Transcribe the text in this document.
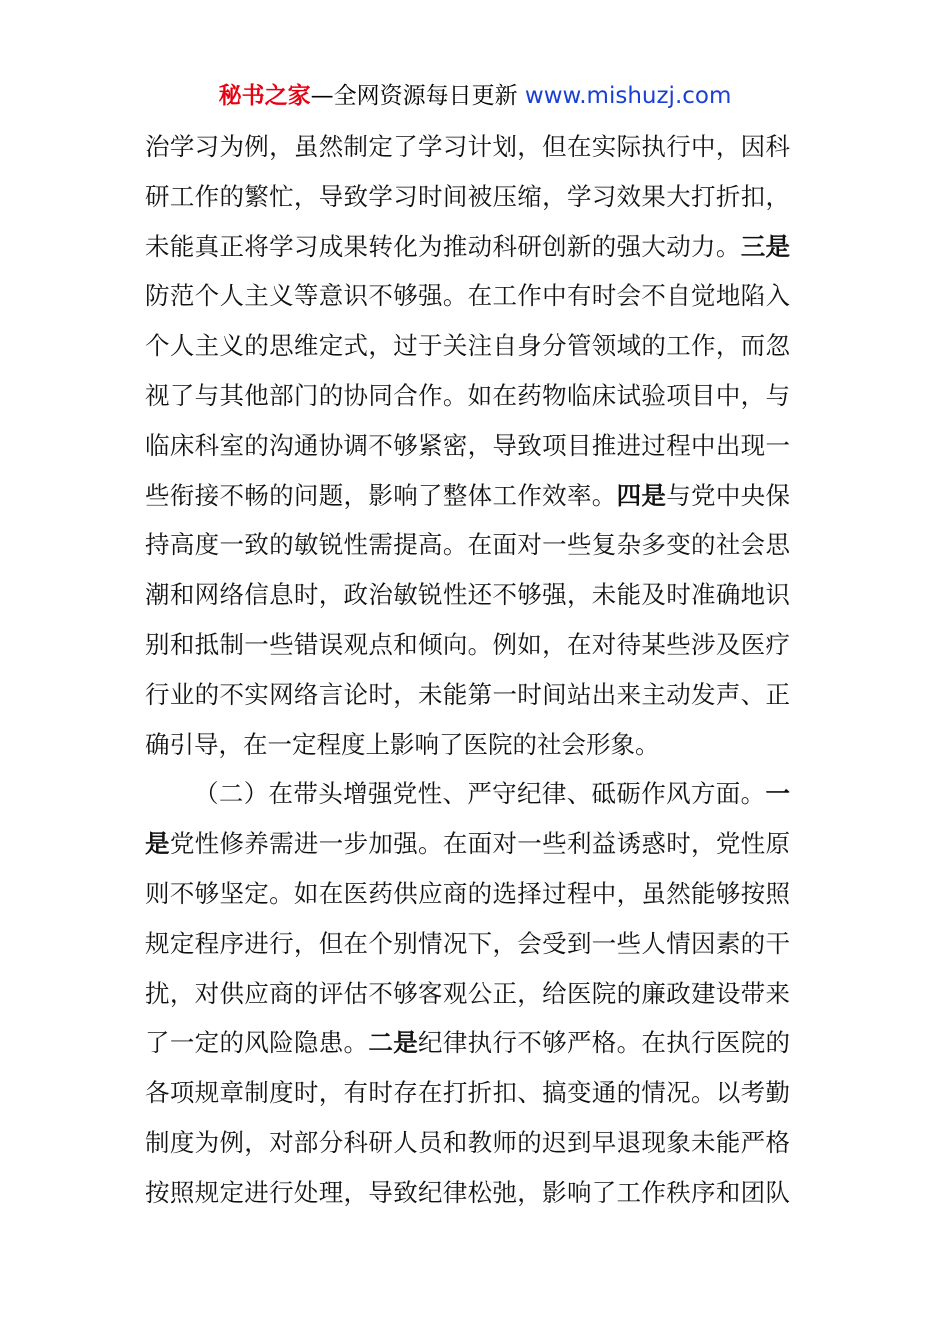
秘书之家—全网资源每日更新 www.mishuzj.com
治学习为例，虽然制定了学习计划，但在实际执行中，因科
研工作的繁忙，导致学习时间被压缩，学习效果大打折扣，
未能真正将学习成果转化为推动科研创新的强大动力。三是
防范个人主义等意识不够强。在工作中有时会不自觉地陷入
个人主义的思维定式，过于关注自身分管领域的工作，而忽
视了与其他部门的协同合作。如在药物临床试验项目中，与
临床科室的沟通协调不够紧密，导致项目推进过程中出现一
些衔接不畅的问题，影响了整体工作效率。四是与党中央保
持高度一致的敏锐性需提高。在面对一些复杂多变的社会思
潮和网络信息时，政治敏锐性还不够强，未能及时准确地识
别和抵制一些错误观点和倾向。例如，在对待某些涉及医疗
行业的不实网络言论时，未能第一时间站出来主动发声、正
确引导，在一定程度上影响了医院的社会形象。
（二）在带头增强党性、严守纪律、砥砺作风方面。一
是党性修养需进一步加强。在面对一些利益诱惑时，党性原
则不够坚定。如在医药供应商的选择过程中，虽然能够按照
规定程序进行，但在个别情况下，会受到一些人情因素的干
扰，对供应商的评估不够客观公正，给医院的廉政建设带来
了一定的风险隐患。二是纪律执行不够严格。在执行医院的
各项规章制度时，有时存在打折扣、搞变通的情况。以考勤
制度为例，对部分科研人员和教师的迟到早退现象未能严格
按照规定进行处理，导致纪律松弛，影响了工作秩序和团队
